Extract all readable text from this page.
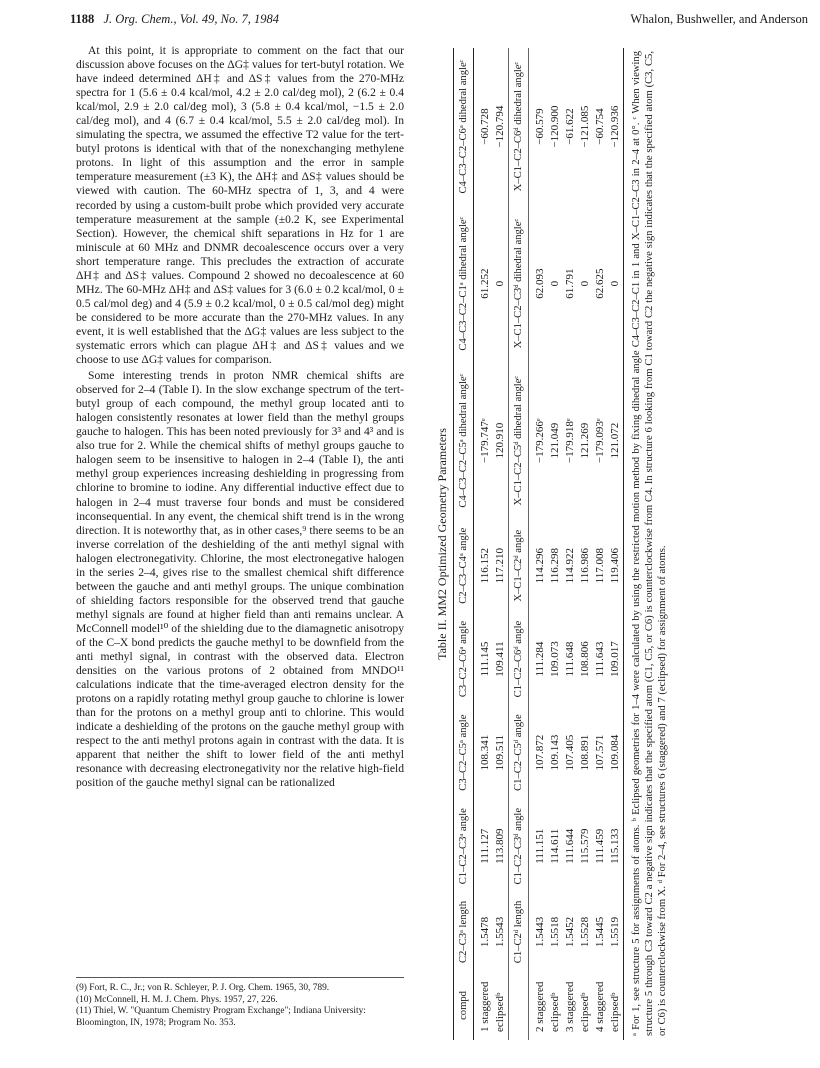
1188 J. Org. Chem., Vol. 49, No. 7, 1984	Whalon, Bushweller, and Anderson

At this point, it is appropriate to comment on the fact that our discussion above focuses on the ΔG‡ values for tert-butyl rotation. We have indeed determined ΔH‡ and ΔS‡ values from the 270-MHz spectra for 1 (5.6 ± 0.4 kcal/mol, 4.2 ± 2.0 cal/deg mol), 2 (6.2 ± 0.4 kcal/mol, 2.9 ± 2.0 cal/deg mol), 3 (5.8 ± 0.4 kcal/mol, −1.5 ± 2.0 cal/deg mol), and 4 (6.7 ± 0.4 kcal/mol, 5.5 ± 2.0 cal/deg mol). In simulating the spectra, we assumed the effective T2 value for the tert-butyl protons is identical with that of the nonexchanging methylene protons. In light of this assumption and the error in sample temperature measurement (±3 K), the ΔH‡ and ΔS‡ values should be viewed with caution. The 60-MHz spectra of 1, 3, and 4 were recorded by using a custom-built probe which provided very accurate temperature measurement at the sample (±0.2 K, see Experimental Section). However, the chemical shift separations in Hz for 1 are miniscule at 60 MHz and DNMR decoalescence occurs over a very short temperature range. This precludes the extraction of accurate ΔH‡ and ΔS‡ values. Compound 2 showed no decoalescence at 60 MHz. The 60-MHz ΔH‡ and ΔS‡ values for 3 (6.0 ± 0.2 kcal/mol, 0 ± 0.5 cal/mol deg) and 4 (5.9 ± 0.2 kcal/mol, 0 ± 0.5 cal/mol deg) might be considered to be more accurate than the 270-MHz values. In any event, it is well established that the ΔG‡ values are less subject to the systematic errors which can plague ΔH‡ and ΔS‡ values and we choose to use ΔG‡ values for comparison.

Some interesting trends in proton NMR chemical shifts are observed for 2–4 (Table I). In the slow exchange spectrum of the tert-butyl group of each compound, the methyl group located anti to halogen consistently resonates at lower field than the methyl groups gauche to halogen. This has been noted previously for 3³ and 4³ and is also true for 2. While the chemical shifts of methyl groups gauche to halogen seem to be insensitive to halogen in 2–4 (Table I), the anti methyl group experiences increasing deshielding in progressing from chlorine to bromine to iodine. Any differential inductive effect due to halogen in 2–4 must traverse four bonds and must be considered inconsequential. In any event, the chemical shift trend is in the wrong direction. It is noteworthy that, as in other cases,⁹ there seems to be an inverse correlation of the deshielding of the anti methyl signal with halogen electronegativity. Chlorine, the most electronegative halogen in the series 2–4, gives rise to the smallest chemical shift difference between the gauche and anti methyl groups. The unique combination of shielding factors responsible for the observed trend that gauche methyl signals are found at higher field than anti remains unclear. A McConnell model¹⁰ of the shielding due to the diamagnetic anisotropy of the C–X bond predicts the gauche methyl to be downfield from the anti methyl signal, in contrast with the observed data. Electron densities on the various protons of 2 obtained from MNDO¹¹ calculations indicate that the time-averaged electron density for the protons on a rapidly rotating methyl group gauche to chlorine is lower than for the protons on a methyl group anti to chlorine. This would indicate a deshielding of the protons on the gauche methyl group with respect to the anti methyl protons again in contrast with the data. It is apparent that neither the shift to lower field of the anti methyl resonance with decreasing electronegativity nor the relative high-field position of the gauche methyl signal can be rationalized

(9) Fort, R. C., Jr.; von R. Schleyer, P. J. Org. Chem. 1965, 30, 789.
(10) McConnell, H. M. J. Chem. Phys. 1957, 27, 226.
(11) Thiel, W. "Quantum Chemistry Program Exchange"; Indiana University: Bloomington, IN, 1978; Program No. 353.
Table II. MM2 Optimized Geometry Parameters
compd	C2–C3ᵃ length	C1–C2–C3ᵃ angle	C3–C2–C5ᵃ angle	C3–C2–C6ᵃ angle	C2–C3–C4ᵃ angle	C4–C3–C2–C5ᵃ dihedral angleᶜ	C4–C3–C2–C1ᵃ dihedral angleᶜ	C4–C3–C2–C6ᵃ dihedral angleᶜ
1 staggered	1.5478	111.127	108.341	111.145	116.152	−179.747ᵉ	61.252	−60.728
eclipsedᵇ	1.5543	113.809	109.511	109.411	117.210	120.910	0	−120.794
	C1–C2ᵈ length	C1–C2–C3ᵈ angle	C1–C2–C5ᵈ angle	C1–C2–C6ᵈ angle	X–C1–C2ᵈ angle	X–C1–C2–C5ᵈ dihedral angleᶜ	X–C1–C2–C3ᵈ dihedral angleᶜ	X–C1–C2–C6ᵈ dihedral angleᶜ
2 staggered	1.5443	111.151	107.872	111.284	114.296	−179.266ᵉ	62.093	−60.579
eclipsedᵇ	1.5518	114.611	109.143	109.073	116.298	121.049	0	−120.900
3 staggered	1.5452	111.644	107.405	111.648	114.922	−179.918ᵉ	61.791	−61.622
eclipsedᵇ	1.5528	115.579	108.891	108.806	116.986	121.269	0	−121.085
4 staggered	1.5445	111.459	107.571	111.643	117.008	−179.093ᵉ	62.625	−60.754
eclipsedᵇ	1.5519	115.133	109.084	109.017	119.406	121.072	0	−120.936 ᵃ For 1, see structure 5 for assignments of atoms. ᵇ Eclipsed geometries for 1–4 were calculated by using the restricted motion method by fixing dihedral angle C4–C3–C2–C1 in 1 and X–C1–C2–C3 in 2–4 at 0°. ᶜ When viewing structure 5 through C3 toward C2 a negative sign indicates that the specified atom (C1, C5, or C6) is counterclockwise from C4. In structure 6 looking from C1 toward C2 the negative sign indicates that the specified atom (C3, C5, or C6) is counterclockwise from X. ᵈ For 2–4, see structures 6 (staggered) and 7 (eclipsed) for assignment of atoms.
